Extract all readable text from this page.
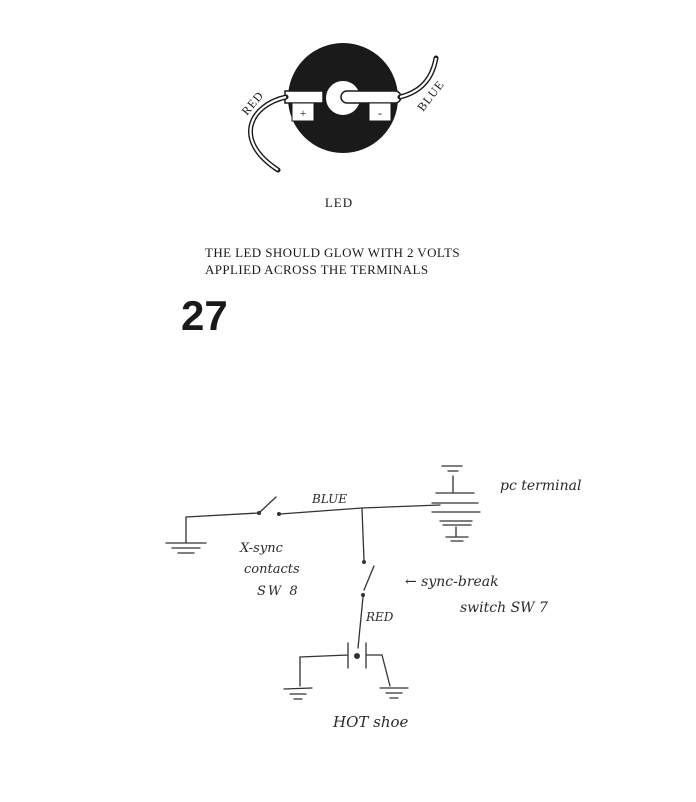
+	-
RED	BLUE
LED
THE LED SHOULD GLOW WITH 2 VOLTS
APPLIED ACROSS THE TERMINALS
27
BLUE
pc terminal
RED
X-sync
contacts
SW 8
← sync-break
switch SW 7
HOT shoe
